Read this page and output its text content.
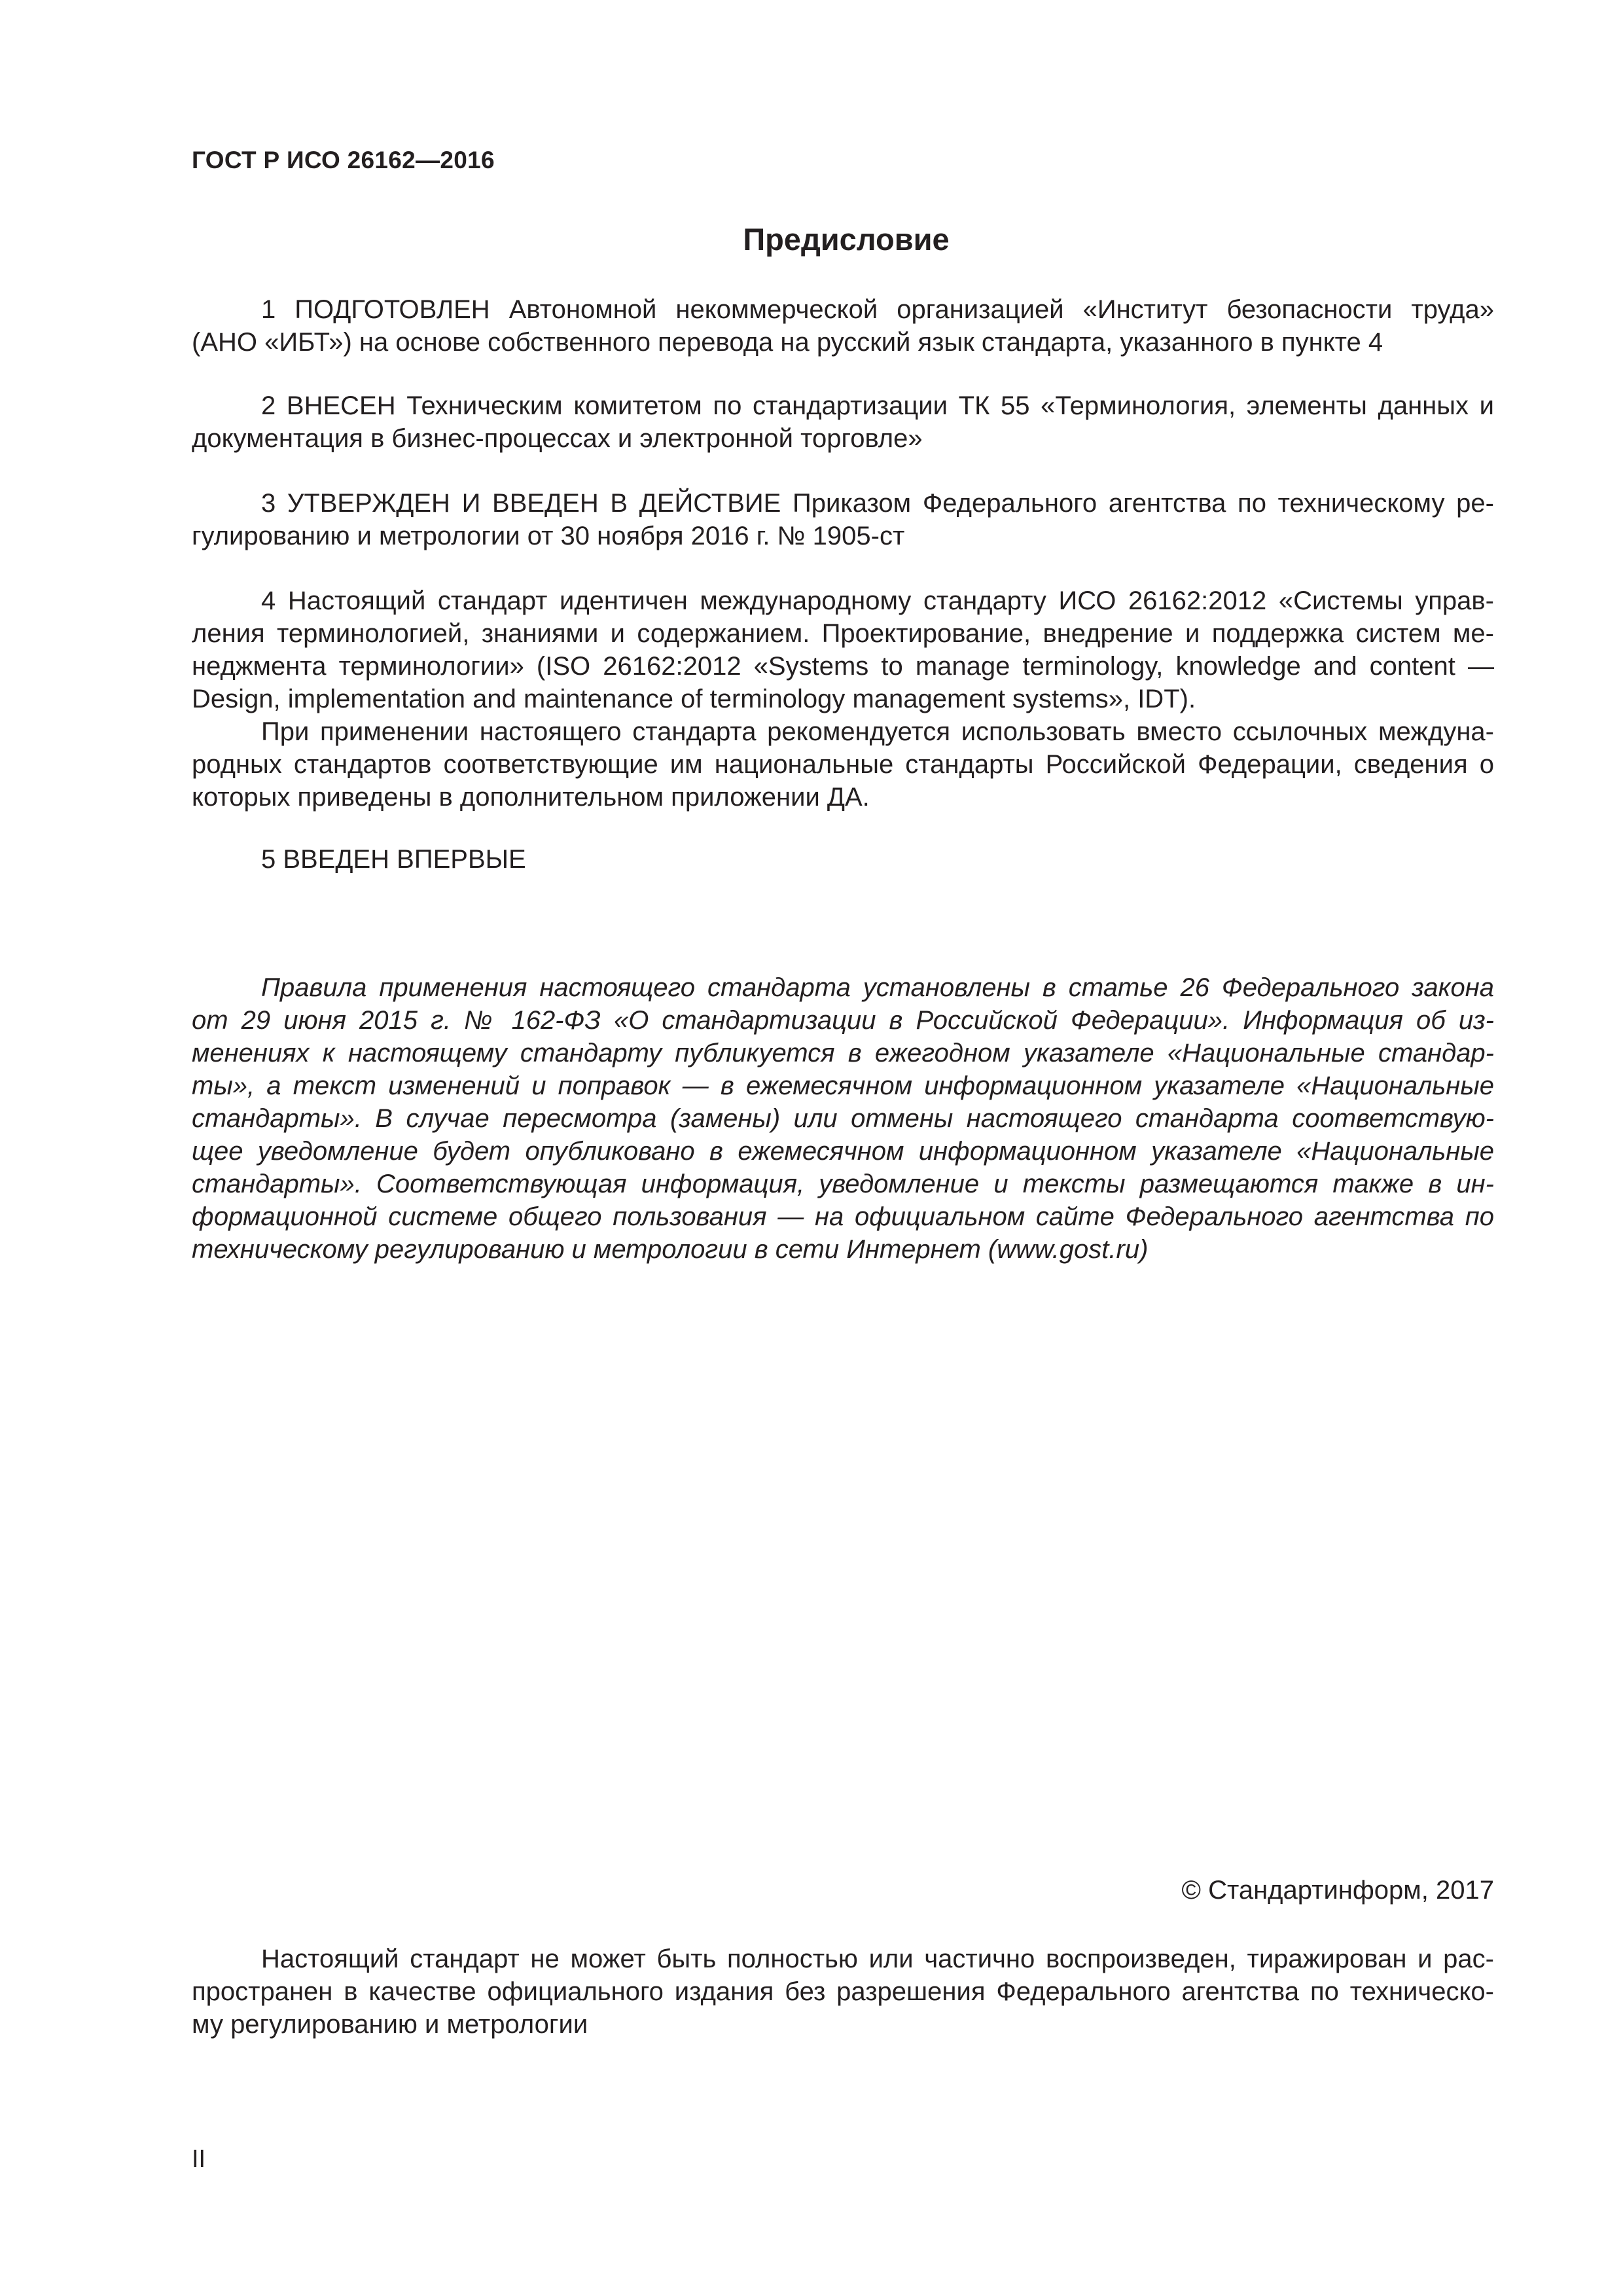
ГОСТ Р ИСО 26162—2016
Предисловие
1 ПОДГОТОВЛЕН Автономной некоммерческой организацией «Институт безопасности труда»
(АНО «ИБТ») на основе собственного перевода на русский язык стандарта, указанного в пункте 4
2 ВНЕСЕН Техническим комитетом по стандартизации ТК 55 «Терминология, элементы данных и
документация в бизнес-процессах и электронной торговле»
3 УТВЕРЖДЕН И ВВЕДЕН В ДЕЙСТВИЕ Приказом Федерального агентства по техническому ре-
гулированию и метрологии от 30 ноября 2016 г. № 1905-ст
4 Настоящий стандарт идентичен международному стандарту ИСО 26162:2012 «Системы управ-
ления терминологией, знаниями и содержанием. Проектирование, внедрение и поддержка систем ме-
неджмента терминологии» (ISO 26162:2012 «Systems to manage terminology, knowledge and content —
Design, implementation and maintenance of terminology management systems», IDT).
При применении настоящего стандарта рекомендуется использовать вместо ссылочных междуна-
родных стандартов соответствующие им национальные стандарты Российской Федерации, сведения о
которых приведены в дополнительном приложении ДА.
5 ВВЕДЕН ВПЕРВЫЕ
Правила применения настоящего стандарта установлены в статье 26 Федерального закона
от 29 июня 2015 г. № 162-ФЗ «О стандартизации в Российской Федерации». Информация об из-
менениях к настоящему стандарту публикуется в ежегодном указателе «Национальные стандар-
ты», а текст изменений и поправок — в ежемесячном информационном указателе «Национальные
стандарты». В случае пересмотра (замены) или отмены настоящего стандарта соответствую-
щее уведомление будет опубликовано в ежемесячном информационном указателе «Национальные
стандарты». Соответствующая информация, уведомление и тексты размещаются также в ин-
формационной системе общего пользования — на официальном сайте Федерального агентства по
техническому регулированию и метрологии в сети Интернет (www.gost.ru)
© Стандартинформ, 2017
Настоящий стандарт не может быть полностью или частично воспроизведен, тиражирован и рас-
пространен в качестве официального издания без разрешения Федерального агентства по техническо-
му регулированию и метрологии
II
